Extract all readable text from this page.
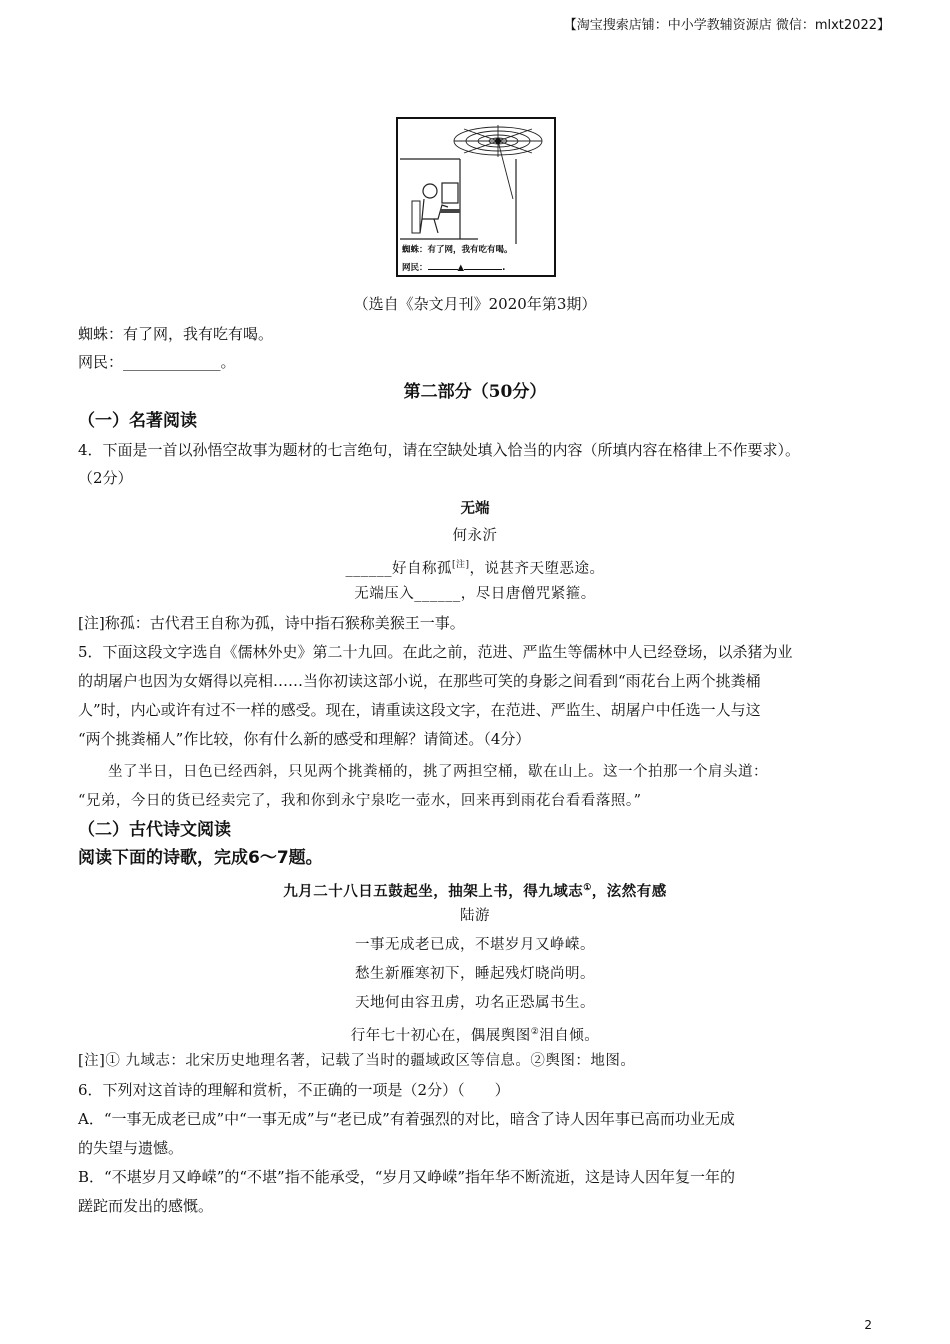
【淘宝搜索店铺：中小学教辅资源店 微信：mlxt2022】
蜘蛛：有了网，我有吃有喝。
网民：	▲	.
（选自《杂文月刊》2020年第3期）
蜘蛛：有了网，我有吃有喝。
网民：_____________。
第二部分（50分）
（一）名著阅读
4．下面是一首以孙悟空故事为题材的七言绝句，请在空缺处填入恰当的内容（所填内容在格律上不作要求）。
（2分）
无端
何永沂
______好自称孤[注]，说甚齐天堕恶途。
无端压入______，尽日唐僧咒紧箍。
[注]称孤：古代君王自称为孤，诗中指石猴称美猴王一事。
5．下面这段文字选自《儒林外史》第二十九回。在此之前，范进、严监生等儒林中人已经登场，以杀猪为业
的胡屠户也因为女婿得以亮相……当你初读这部小说，在那些可笑的身影之间看到“雨花台上两个挑粪桶
人”时，内心或许有过不一样的感受。现在，请重读这段文字，在范进、严监生、胡屠户中任选一人与这
“两个挑粪桶人”作比较，你有什么新的感受和理解？请简述。（4分）
坐了半日，日色已经西斜，只见两个挑粪桶的，挑了两担空桶，歇在山上。这一个拍那一个肩头道：
“兄弟，今日的货已经卖完了，我和你到永宁泉吃一壶水，回来再到雨花台看看落照。”
（二）古代诗文阅读
阅读下面的诗歌，完成6～7题。
九月二十八日五鼓起坐，抽架上书，得九域志①，泫然有感
陆游
一事无成老已成，不堪岁月又峥嵘。
愁生新雁寒初下，睡起残灯晓尚明。
天地何由容丑虏，功名正恐属书生。
行年七十初心在，偶展舆图②泪自倾。
[注]① 九域志：北宋历史地理名著，记载了当时的疆域政区等信息。②舆图：地图。
6．下列对这首诗的理解和赏析，不正确的一项是（2分）（　　）
A．“一事无成老已成”中“一事无成”与“老已成”有着强烈的对比，暗含了诗人因年事已高而功业无成
的失望与遗憾。
B．“不堪岁月又峥嵘”的“不堪”指不能承受，“岁月又峥嵘”指年华不断流逝，这是诗人因年复一年的
蹉跎而发出的感慨。
2
